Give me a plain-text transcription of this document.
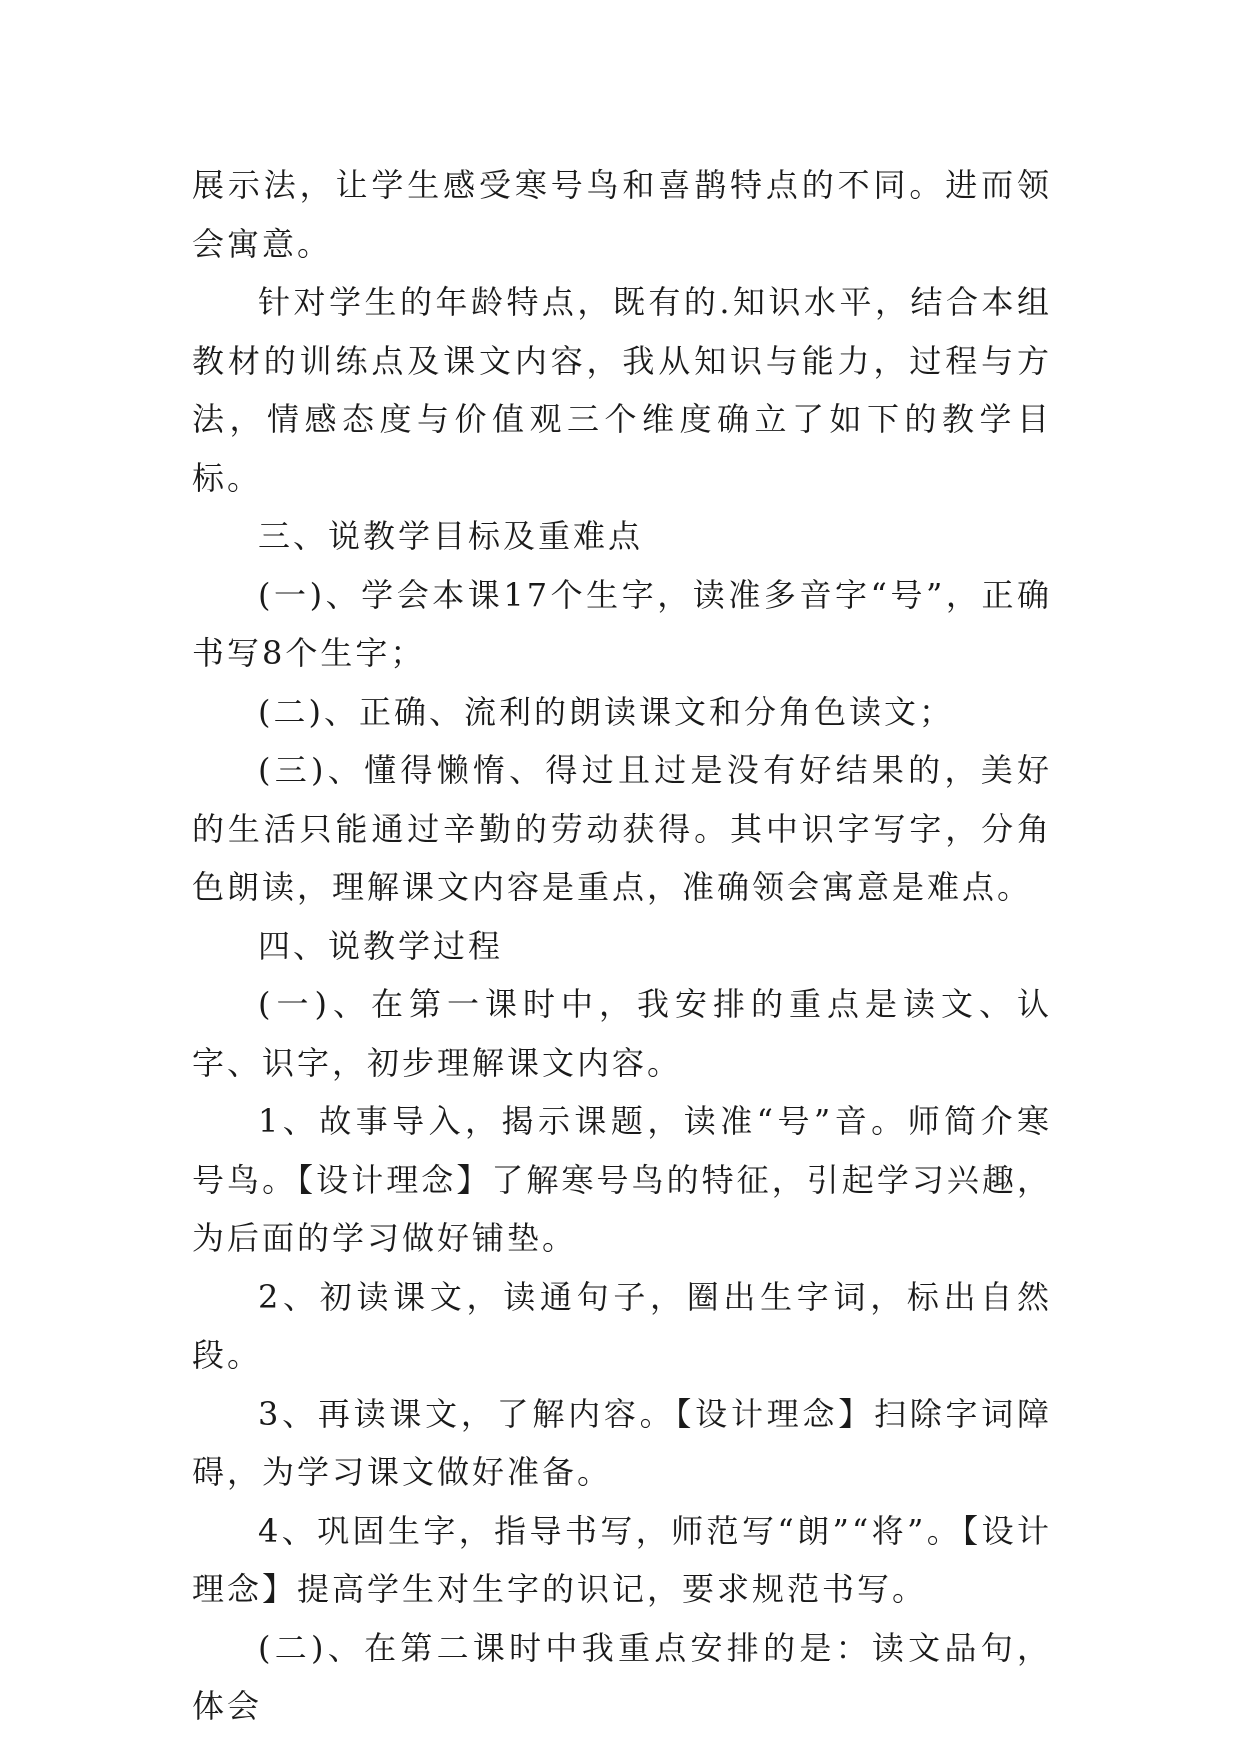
展示法，让学生感受寒号鸟和喜鹊特点的不同。进而领会寓意。

针对学生的年龄特点，既有的.知识水平，结合本组教材的训练点及课文内容，我从知识与能力，过程与方法，情感态度与价值观三个维度确立了如下的教学目标。

三、说教学目标及重难点

(一)、学会本课17个生字，读准多音字“号”，正确书写8个生字；

(二)、正确、流利的朗读课文和分角色读文；

(三)、懂得懒惰、得过且过是没有好结果的，美好的生活只能通过辛勤的劳动获得。其中识字写字，分角色朗读，理解课文内容是重点，准确领会寓意是难点。

四、说教学过程

(一)、在第一课时中，我安排的重点是读文、认字、识字，初步理解课文内容。

1、故事导入，揭示课题，读准“号”音。师简介寒号鸟。【设计理念】了解寒号鸟的特征，引起学习兴趣，为后面的学习做好铺垫。

2、初读课文，读通句子，圈出生字词，标出自然段。

3、再读课文，了解内容。【设计理念】扫除字词障碍，为学习课文做好准备。

4、巩固生字，指导书写，师范写“朗”“将”。【设计理念】提高学生对生字的识记，要求规范书写。

(二)、在第二课时中我重点安排的是：读文品句，体会
